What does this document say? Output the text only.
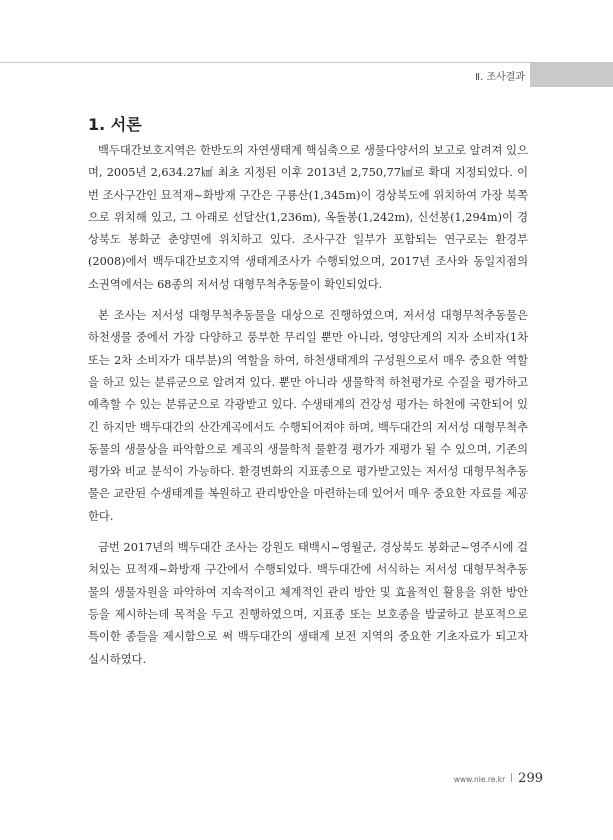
Ⅱ. 조사결과
1. 서론

백두대간보호지역은 한반도의 자연생태계 핵심축으로 생물다양서의 보고로 알려져 있으며, 2005년 2,634.27㎢ 최초 지정된 이후 2013년 2,750,77㎢로 확대 지정되었다. 이번 조사구간인 묘적재~화방재 구간은 구룡산(1,345m)이 경상북도에 위치하여 가장 북쪽으로 위치해 있고, 그 아래로 선달산(1,236m), 옥돌봉(1,242m), 신선봉(1,294m)이 경상북도 봉화군 춘양면에 위치하고 있다. 조사구간 일부가 포함되는 연구로는 환경부(2008)에서 백두대간보호지역 생태계조사가 수행되었으며, 2017년 조사와 동일지점의 소권역에서는 68종의 저서성 대형무척추동물이 확인되었다.

본 조사는 저서성 대형무척추동물을 대상으로 진행하였으며, 저서성 대형무척추동물은 하천생물 중에서 가장 다양하고 풍부한 무리일 뿐만 아니라, 영양단계의 지자 소비자(1차 또는 2차 소비자가 대부분)의 역할을 하여, 하천생태계의 구성원으로서 매우 중요한 역할을 하고 있는 분류군으로 알려져 있다. 뿐만 아니라 생물학적 하천평가로 수질을 평가하고 예측할 수 있는 분류군으로 각광받고 있다. 수생태계의 건강성 평가는 하천에 국한되어 있긴 하지만 백두대간의 산간계곡에서도 수행되어져야 하며, 백두대간의 저서성 대형무척추동물의 생물상을 파악함으로 계곡의 생물학적 물환경 평가가 재평가 될 수 있으며, 기존의 평가와 비교 분석이 가능하다. 환경변화의 지표종으로 평가받고있는 저서성 대형무척추동물은 교란된 수생태계를 복원하고 관리방안을 마련하는데 있어서 매우 중요한 자료를 제공한다.

금번 2017년의 백두대간 조사는 강원도 태백시~영월군, 경상북도 봉화군~영주시에 걸쳐있는 묘적재~화방재 구간에서 수행되었다. 백두대간에 서식하는 저서성 대형무척추동물의 생물자원을 파악하여 지속적이고 체계적인 관리 방안 및 효율적인 활용을 위한 방안 등을 제시하는데 목적을 두고 진행하였으며, 지표종 또는 보호종을 발굴하고 분포적으로 특이한 종들을 제시함으로 써 백두대간의 생태계 보전 지역의 중요한 기초자료가 되고자 실시하였다.

www.nie.re.kr 299
